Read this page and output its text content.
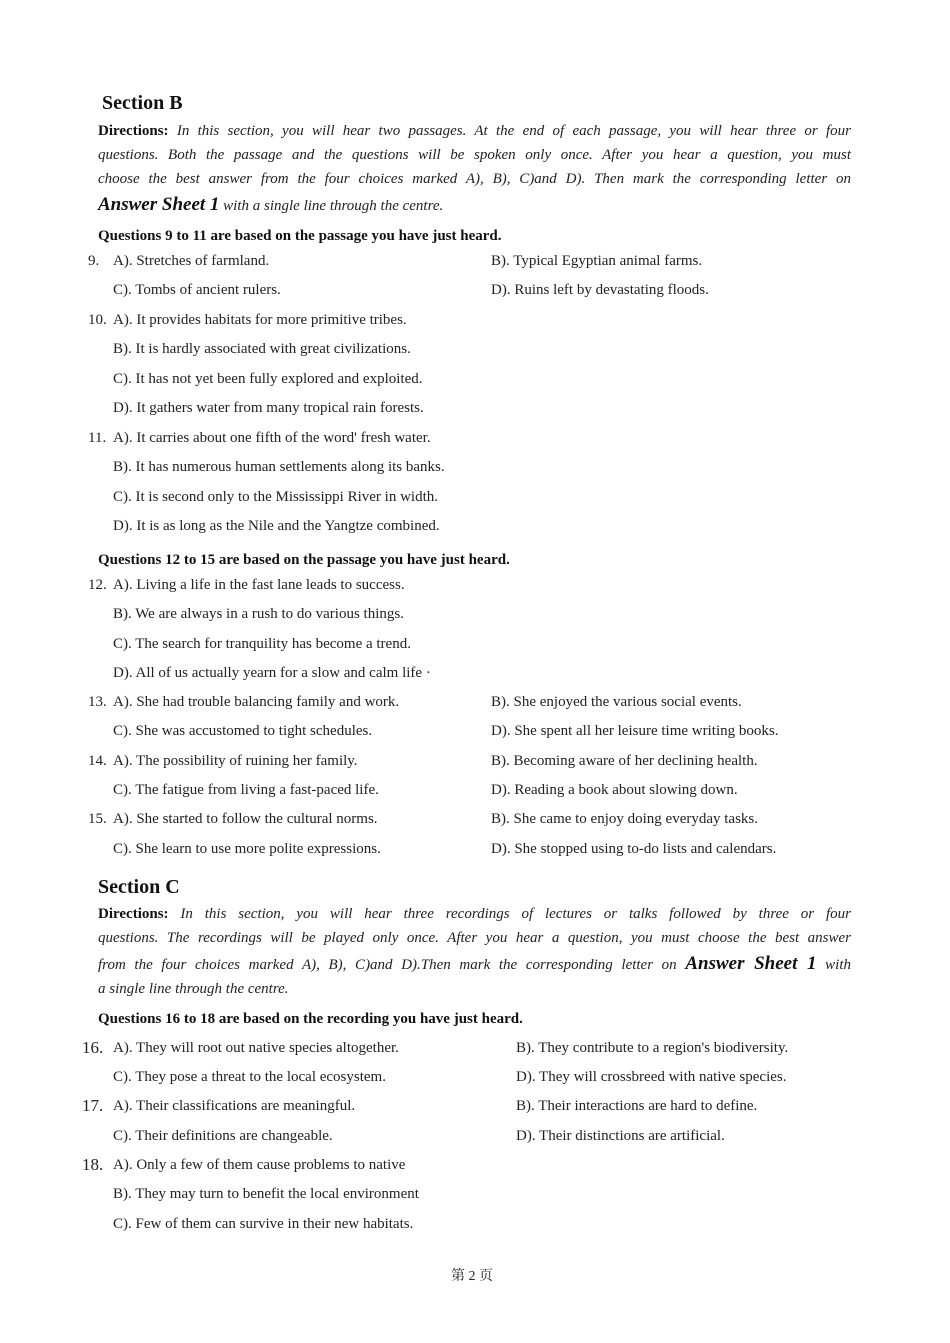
Section B
Directions: In this section, you will hear two passages. At the end of each passage, you will hear three or four
questions. Both the passage and the questions will be spoken only once. After you hear a question, you must
choose the best answer from the four choices marked A), B), C)and D). Then mark the corresponding letter on
Answer Sheet 1 with a single line through the centre.
Questions 9 to 11 are based on the passage you have just heard.
9. A). Stretches of farmland.	B). Typical Egyptian animal farms.
C). Tombs of ancient rulers.	D). Ruins left by devastating floods.
10. A). It provides habitats for more primitive tribes.
B). It is hardly associated with great civilizations.
C). It has not yet been fully explored and exploited.
D). It gathers water from many tropical rain forests.
11. A). It carries about one fifth of the word' fresh water.
B). It has numerous human settlements along its banks.
C). It is second only to the Mississippi River in width.
D). It is as long as the Nile and the Yangtze combined.
Questions 12 to 15 are based on the passage you have just heard.
12. A). Living a life in the fast lane leads to success.
B). We are always in a rush to do various things.
C). The search for tranquility has become a trend.
D). All of us actually yearn for a slow and calm life ·
13. A). She had trouble balancing family and work.	B). She enjoyed the various social events.
C). She was accustomed to tight schedules.	D). She spent all her leisure time writing books.
14. A). The possibility of ruining her family.	B). Becoming aware of her declining health.
C). The fatigue from living a fast-paced life.	D). Reading a book about slowing down.
15. A). She started to follow the cultural norms.	B). She came to enjoy doing everyday tasks.
C). She learn to use more polite expressions.	D). She stopped using to-do lists and calendars.
Section C
Directions: In this section, you will hear three recordings of lectures or talks followed by three or four
questions. The recordings will be played only once. After you hear a question, you must choose the best answer
from the four choices marked A), B), C)and D).Then mark the corresponding letter on Answer Sheet 1 with
a single line through the centre.
Questions 16 to 18 are based on the recording you have just heard.
16. A). They will root out native species altogether.	B). They contribute to a region's biodiversity.
C). They pose a threat to the local ecosystem.	D). They will crossbreed with native species.
17. A). Their classifications are meaningful.	B). Their interactions are hard to define.
C). Their definitions are changeable.	D). Their distinctions are artificial.
18. A). Only a few of them cause problems to native
B). They may turn to benefit the local environment
C). Few of them can survive in their new habitats.
第 2 页
